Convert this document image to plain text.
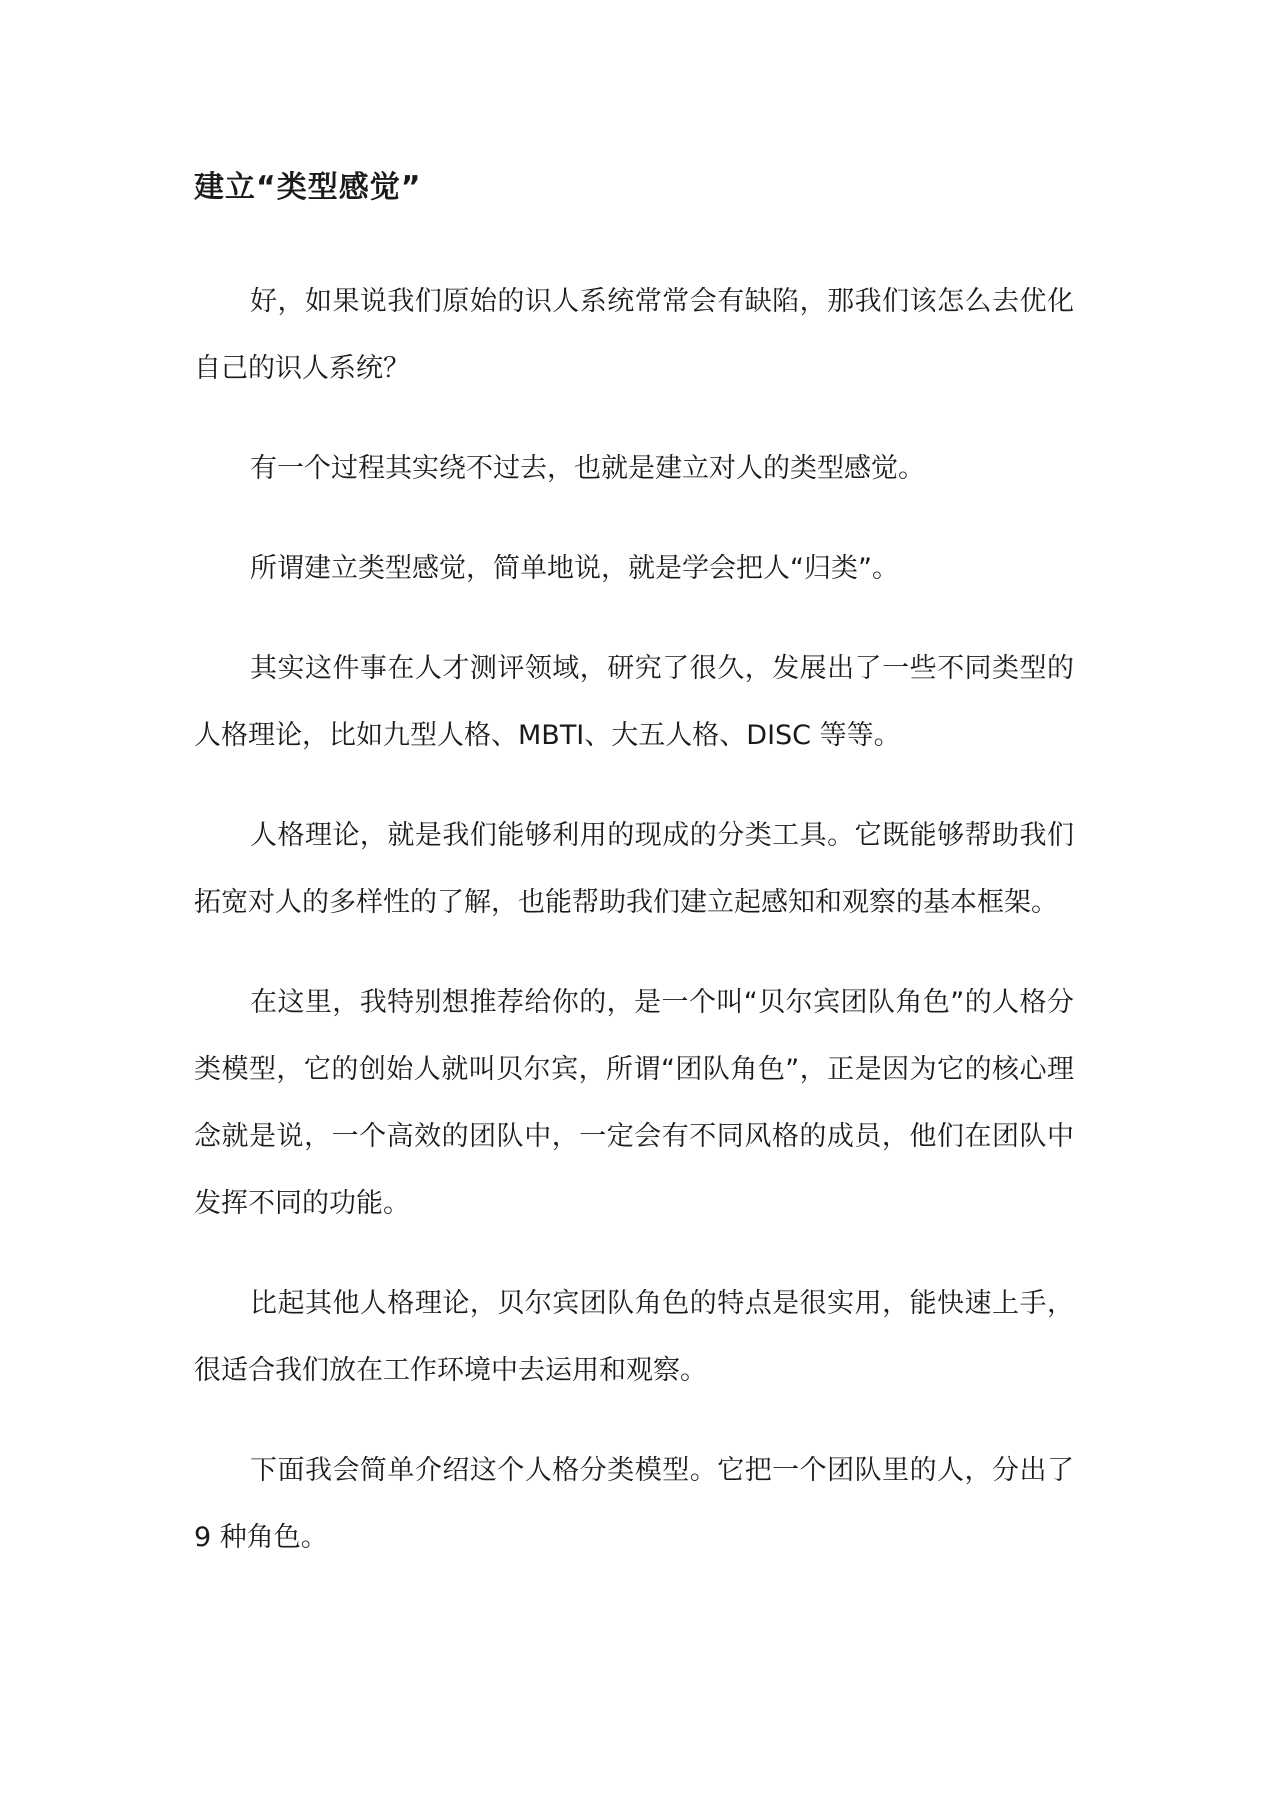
建立“类型感觉”

好，如果说我们原始的识人系统常常会有缺陷，那我们该怎么去优化自己的识人系统？

有一个过程其实绕不过去，也就是建立对人的类型感觉。

所谓建立类型感觉，简单地说，就是学会把人“归类”。

其实这件事在人才测评领域，研究了很久，发展出了一些不同类型的人格理论，比如九型人格、MBTI、大五人格、DISC 等等。

人格理论，就是我们能够利用的现成的分类工具。它既能够帮助我们拓宽对人的多样性的了解，也能帮助我们建立起感知和观察的基本框架。

在这里，我特别想推荐给你的，是一个叫“贝尔宾团队角色”的人格分类模型，它的创始人就叫贝尔宾，所谓“团队角色”，正是因为它的核心理念就是说，一个高效的团队中，一定会有不同风格的成员，他们在团队中发挥不同的功能。

比起其他人格理论，贝尔宾团队角色的特点是很实用，能快速上手，很适合我们放在工作环境中去运用和观察。

下面我会简单介绍这个人格分类模型。它把一个团队里的人，分出了 9 种角色。
